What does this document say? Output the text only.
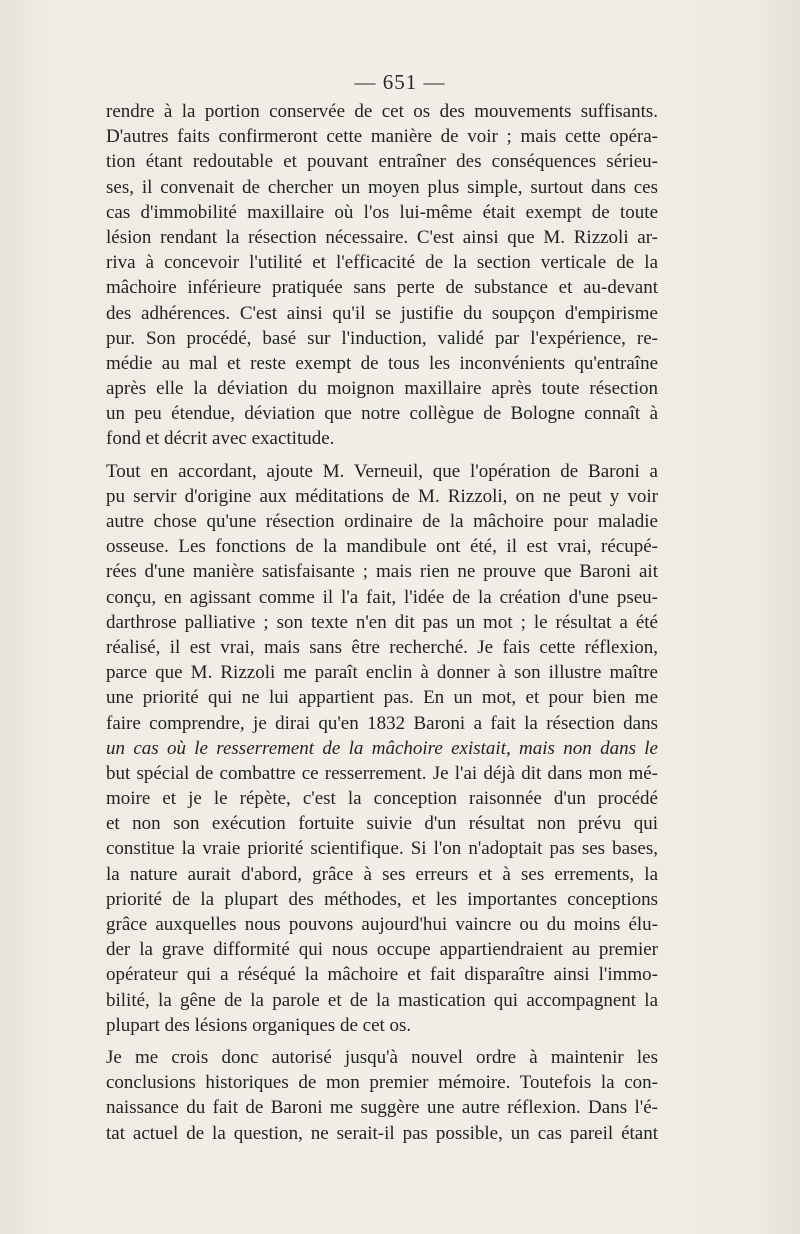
— 651 —
rendre à la portion conservée de cet os des mouvements suffisants.
D'autres faits confirmeront cette manière de voir ; mais cette opéra-
tion étant redoutable et pouvant entraîner des conséquences sérieu-
ses, il convenait de chercher un moyen plus simple, surtout dans ces
cas d'immobilité maxillaire où l'os lui-même était exempt de toute
lésion rendant la résection nécessaire. C'est ainsi que M. Rizzoli ar-
riva à concevoir l'utilité et l'efficacité de la section verticale de la
mâchoire inférieure pratiquée sans perte de substance et au-devant
des adhérences. C'est ainsi qu'il se justifie du soupçon d'empirisme
pur. Son procédé, basé sur l'induction, validé par l'expérience, re-
médie au mal et reste exempt de tous les inconvénients qu'entraîne
après elle la déviation du moignon maxillaire après toute résection
un peu étendue, déviation que notre collègue de Bologne connaît à
fond et décrit avec exactitude.
Tout en accordant, ajoute M. Verneuil, que l'opération de Baroni a
pu servir d'origine aux méditations de M. Rizzoli, on ne peut y voir
autre chose qu'une résection ordinaire de la mâchoire pour maladie
osseuse. Les fonctions de la mandibule ont été, il est vrai, récupé-
rées d'une manière satisfaisante ; mais rien ne prouve que Baroni ait
conçu, en agissant comme il l'a fait, l'idée de la création d'une pseu-
darthrose palliative ; son texte n'en dit pas un mot ; le résultat a été
réalisé, il est vrai, mais sans être recherché. Je fais cette réflexion,
parce que M. Rizzoli me paraît enclin à donner à son illustre maître
une priorité qui ne lui appartient pas. En un mot, et pour bien me
faire comprendre, je dirai qu'en 1832 Baroni a fait la résection dans
un cas où le resserrement de la mâchoire existait, mais non dans le
but spécial de combattre ce resserrement. Je l'ai déjà dit dans mon mé-
moire et je le répète, c'est la conception raisonnée d'un procédé
et non son exécution fortuite suivie d'un résultat non prévu qui
constitue la vraie priorité scientifique. Si l'on n'adoptait pas ses bases,
la nature aurait d'abord, grâce à ses erreurs et à ses errements, la
priorité de la plupart des méthodes, et les importantes conceptions
grâce auxquelles nous pouvons aujourd'hui vaincre ou du moins élu-
der la grave difformité qui nous occupe appartiendraient au premier
opérateur qui a réséqué la mâchoire et fait disparaître ainsi l'immo-
bilité, la gêne de la parole et de la mastication qui accompagnent la
plupart des lésions organiques de cet os.
Je me crois donc autorisé jusqu'à nouvel ordre à maintenir les
conclusions historiques de mon premier mémoire. Toutefois la con-
naissance du fait de Baroni me suggère une autre réflexion. Dans l'é-
tat actuel de la question, ne serait-il pas possible, un cas pareil étant
